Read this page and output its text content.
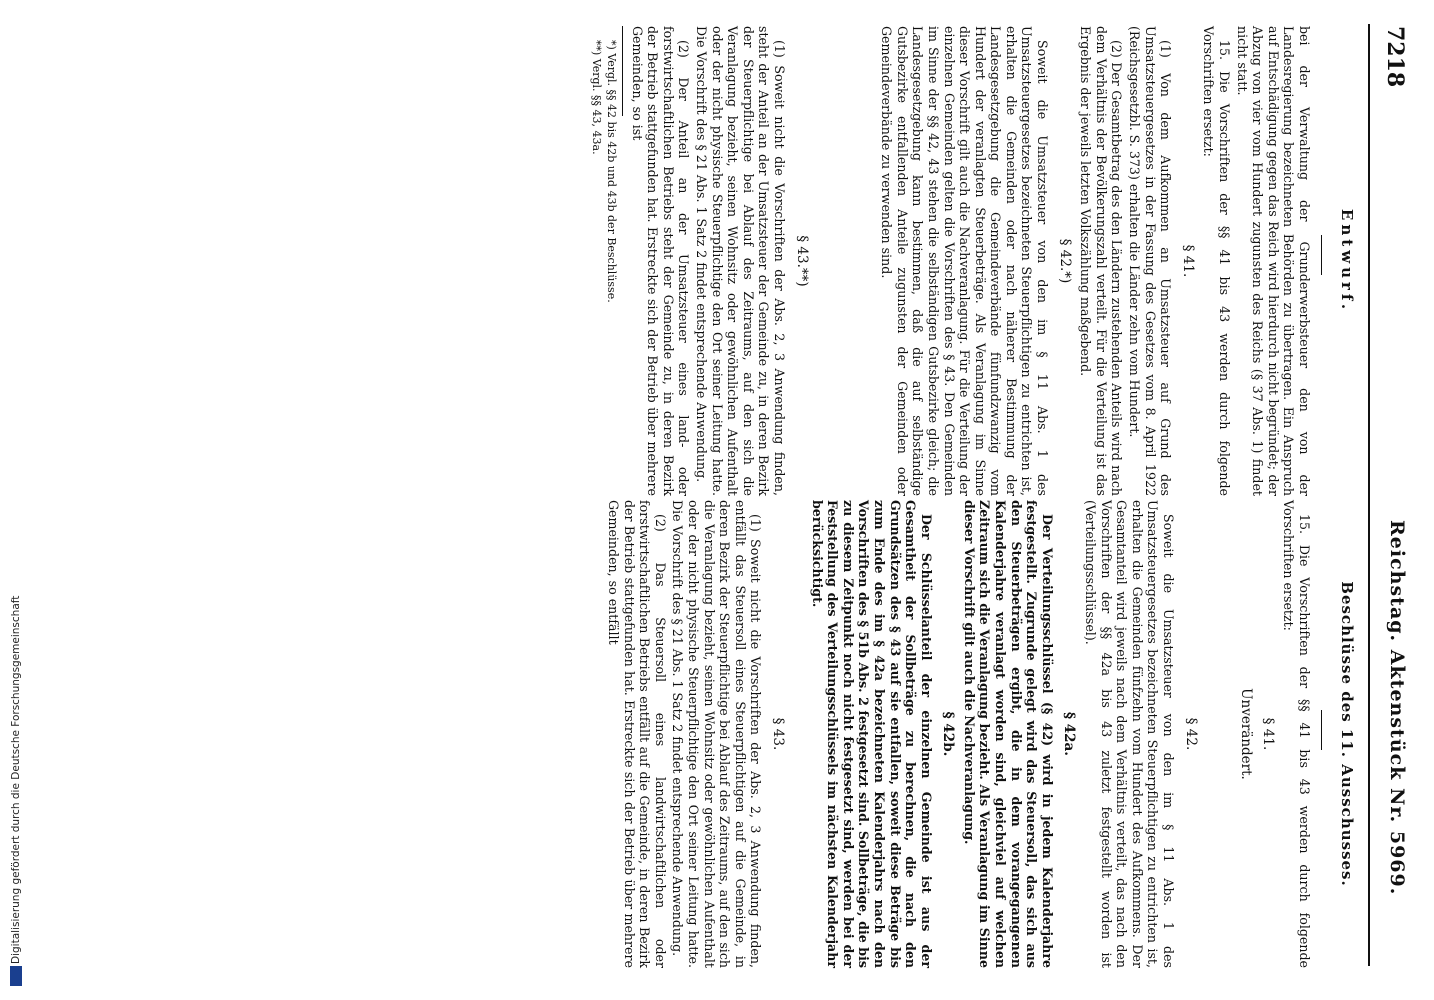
7218
Reichstag. Aktenstück Nr. 5969.
Entwurf.

bei der Verwaltung der Grunderwerbsteuer den von der Landesregierung bezeichneten Behörden zu übertragen. Ein Anspruch auf Entschädigung gegen das Reich wird hierdurch nicht begründet; der Abzug von vier vom Hundert zugunsten des Reichs (§ 37 Abs. 1) findet nicht statt.

15. Die Vorschriften der §§ 41 bis 43 werden durch folgende Vorschriften ersetzt:

§ 41.

(1) Von dem Aufkommen an Umsatzsteuer auf Grund des Umsatzsteuergesetzes in der Fassung des Gesetzes vom 8. April 1922 (Reichsgesetzbl. S. 373) erhalten die Länder zehn vom Hundert.

(2) Der Gesamtbetrag des den Ländern zustehenden Anteils wird nach dem Verhältnis der Bevölkerungszahl verteilt. Für die Verteilung ist das Ergebnis der jeweils letzten Volkszählung maßgebend.

§ 42.*)

Soweit die Umsatzsteuer von den im § 11 Abs. 1 des Umsatzsteuergesetzes bezeichneten Steuerpflichtigen zu entrichten ist, erhalten die Gemeinden oder nach näherer Bestimmung der Landesgesetzgebung die Gemeindeverbände fünfundzwanzig vom Hundert der veranlagten Steuerbeträge. Als Veranlagung im Sinne dieser Vorschrift gilt auch die Nachveranlagung. Für die Verteilung der einzelnen Gemeinden gelten die Vorschriften des § 43. Den Gemeinden im Sinne der §§ 42, 43 stehen die selbständigen Gutsbezirke gleich; die Landesgesetzgebung kann bestimmen, daß die auf selbständige Gutsbezirke entfallenden Anteile zugunsten der Gemeinden oder Gemeindeverbände zu verwenden sind.

§ 43.**)

(1) Soweit nicht die Vorschriften der Abs. 2, 3 Anwendung finden, steht der Anteil an der Umsatzsteuer der Gemeinde zu, in deren Bezirk der Steuerpflichtige bei Ablauf des Zeitraums, auf den sich die Veranlagung bezieht, seinen Wohnsitz oder gewöhnlichen Aufenthalt oder der nicht physische Steuerpflichtige den Ort seiner Leitung hatte. Die Vorschrift des § 21 Abs. 1 Satz 2 findet entsprechende Anwendung.

(2) Der Anteil an der Umsatzsteuer eines land- oder forstwirtschaftlichen Betriebs steht der Gemeinde zu, in deren Bezirk der Betrieb stattgefunden hat. Erstreckte sich der Betrieb über mehrere Gemeinden, so ist

*) Vergl. §§ 42 bis 42b und 43b der Beschlüsse.

**) Vergl. §§ 43, 43a.

Beschlüsse des 11. Ausschusses.

15. Die Vorschriften der §§ 41 bis 43 werden durch folgende Vorschriften ersetzt:

§ 41.
Unverändert.
§ 42.

Soweit die Umsatzsteuer von den im § 11 Abs. 1 des Umsatzsteuergesetzes bezeichneten Steuerpflichtigen zu entrichten ist, erhalten die Gemeinden fünfzehn vom Hundert des Aufkommens. Der Gesamtanteil wird jeweils nach dem Verhältnis verteilt, das nach den Vorschriften der §§ 42a bis 43 zuletzt festgestellt worden ist (Verteilungsschlüssel).

§ 42a.

Der Verteilungsschlüssel (§ 42) wird in jedem Kalenderjahre festgestellt. Zugrunde gelegt wird das Steuersoll, das sich aus den Steuerbeträgen ergibt, die in dem vorangegangenen Kalenderjahre veranlagt worden sind, gleichviel auf welchen Zeitraum sich die Veranlagung bezieht. Als Veranlagung im Sinne dieser Vorschrift gilt auch die Nachveranlagung.

§ 42b.

Der Schlüsselanteil der einzelnen Gemeinde ist aus der Gesamtheit der Sollbeträge zu berechnen, die nach den Grundsätzen des § 43 auf sie entfallen, soweit diese Beträge bis zum Ende des im § 42a bezeichneten Kalenderjahrs nach den Vorschriften des § 51b Abs. 2 festgesetzt sind. Sollbeträge, die bis zu diesem Zeitpunkt noch nicht festgesetzt sind, werden bei der Feststellung des Verteilungsschlüssels im nächsten Kalenderjahr berücksichtigt.

§ 43.

(1) Soweit nicht die Vorschriften der Abs. 2, 3 Anwendung finden, entfällt das Steuersoll eines Steuerpflichtigen auf die Gemeinde, in deren Bezirk der Steuerpflichtige bei Ablauf des Zeitraums, auf den sich die Veranlagung bezieht, seinen Wohnsitz oder gewöhnlichen Aufenthalt oder der nicht physische Steuerpflichtige den Ort seiner Leitung hatte. Die Vorschrift des § 21 Abs. 1 Satz 2 findet entsprechende Anwendung.

(2) Das Steuersoll eines landwirtschaftlichen oder forstwirtschaftlichen Betriebs entfällt auf die Gemeinde, in deren Bezirk der Betrieb stattgefunden hat. Erstreckte sich der Betrieb über mehrere Gemeinden, so entfällt

Digitalisierung gefördert durch die Deutsche Forschungsgemeinschaft
